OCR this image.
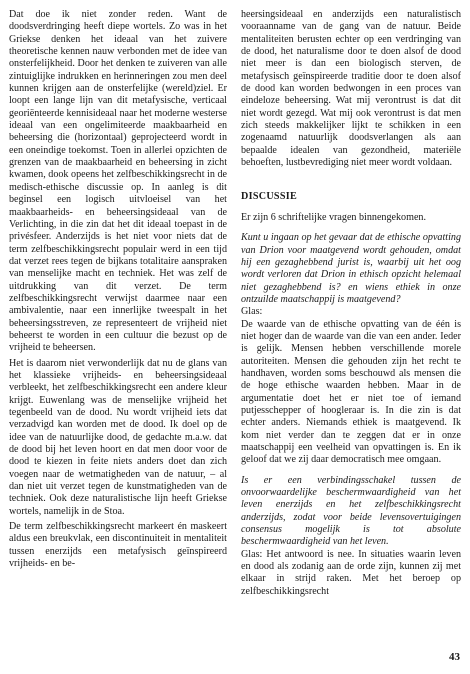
Dat doe ik niet zonder reden. Want de doodsverdringing heeft diepe wortels. Zo was in het Griekse denken het ideaal van het zuivere theoretische kennen nauw verbonden met de idee van onsterfelijkheid. Door het denken te zuiveren van alle zintuiglijke indrukken en herinneringen zou men deel kunnen krijgen aan de onsterfelijke (wereld)ziel. Er loopt een lange lijn van dit metafysische, verticaal georiënteerde kennisideaal naar het moderne westerse ideaal van een ongelimiteerde maakbaarheid en beheersing die (horizontaal) geprojecteerd wordt in een oneindige toekomst. Toen in allerlei opzichten de grenzen van de maakbaarheid en beheersing in zicht kwamen, dook opeens het zelfbeschikkingsrecht in de medisch-ethische discussie op. In aanleg is dit beginsel een logisch uitvloeisel van het maakbaarheids- en beheersingsideaal van de Verlichting, in die zin dat het dit ideaal toepast in de privésfeer. Anderzijds is het niet voor niets dat de term zelfbeschikkingsrecht populair werd in een tijd dat verzet rees tegen de bijkans totalitaire aanspraken van menselijke macht en techniek. Het was zelf de uitdrukking van dit verzet. De term zelfbeschikkingsrecht verwijst daarmee naar een ambivalentie, naar een innerlijke tweespalt in het beheersingsstreven, ze representeert de vrijheid niet beheerst te worden in een cultuur die bezust op de vrijheid te beheersen.

Het is daarom niet verwonderlijk dat nu de glans van het klassieke vrijheids- en beheersingsideaal verbleekt, het zelfbeschikkingsrecht een andere kleur krijgt. Euwenlang was de menselijke vrijheid het tegenbeeld van de dood. Nu wordt vrijheid iets dat verzadvigd kan worden met de dood. Ik doel op de idee van de natuurlijke dood, de gedachte m.a.w. dat de dood bij het leven hoort en dat men door voor de dood te kiezen in feite niets anders doet dan zich voegen naar de wetmatigheden van de natuur, – al dan niet uit verzet tegen de kunstmatigheden van de techniek. Ook deze naturalistische lijn heeft Griekse wortels, namelijk in de Stoa.

De term zelfbeschikkingsrecht markeert én maskeert aldus een breukvlak, een discontinuiteit in mentaliteit tussen enerzijds een metafysisch geïnspireerd vrijheids- en be-

heersingsideaal en anderzijds een naturalistisch vooraanname van de gang van de natuur. Beide mentaliteiten berusten echter op een verdringing van de dood, het naturalisme door te doen alsof de dood niet meer is dan een biologisch sterven, de metafysisch geïnspireerde traditie door te doen alsof de dood kan worden bedwongen in een proces van eindeloze beheersing. Wat mij verontrust is dat dit niet wordt gezegd. Wat mij ook verontrust is dat men zich steeds makkelijker lijkt te schikken in een zogenaamd natuurlijk doodsverlangen als aan bepaalde idealen van gezondheid, materiële behoeften, lustbevrediging niet meer wordt voldaan.

DISCUSSIE

Er zijn 6 schriftelijke vragen binnengekomen.

Kunt u ingaan op het gevaar dat de ethische opvatting van Drion voor maatgevend wordt gehouden, omdat hij een gezaghebbend jurist is, waarbij uit het oog wordt verloren dat Drion in ethisch opzicht helemaal niet gezaghebbend is? en wiens ethiek in onze ontzuilde maatschappij is maatgevend?

Glas:

De waarde van de ethische opvatting van de één is niet hoger dan de waarde van die van een ander. Ieder is gelijk. Mensen hebben verschillende morele autoriteiten. Mensen die gehouden zijn het recht te handhaven, worden soms beschouwd als mensen die de hoge ethische waarden hebben. Maar in de argumentatie doet het er niet toe of iemand putjesschepper of hoogleraar is. In die zin is dat echter anders. Niemands ethiek is maatgevend. Ik kom niet verder dan te zeggen dat er in onze maatschappij een veelheid van opvattingen is. En ik geloof dat we zij daar democratisch mee omgaan.

Is er een verbindingsschakel tussen de onvoorwaardelijke beschermwaardigheid van het leven enerzijds en het zelfbeschikkingsrecht anderzijds, zodat voor beide levensovertuigingen consensus mogelijk is tot absolute beschermwaardigheid van het leven.

Glas: Het antwoord is nee. In situaties waarin leven en dood als zodanig aan de orde zijn, kunnen zij met elkaar in strijd raken. Met het beroep op zelfbeschikkingsrecht

43
